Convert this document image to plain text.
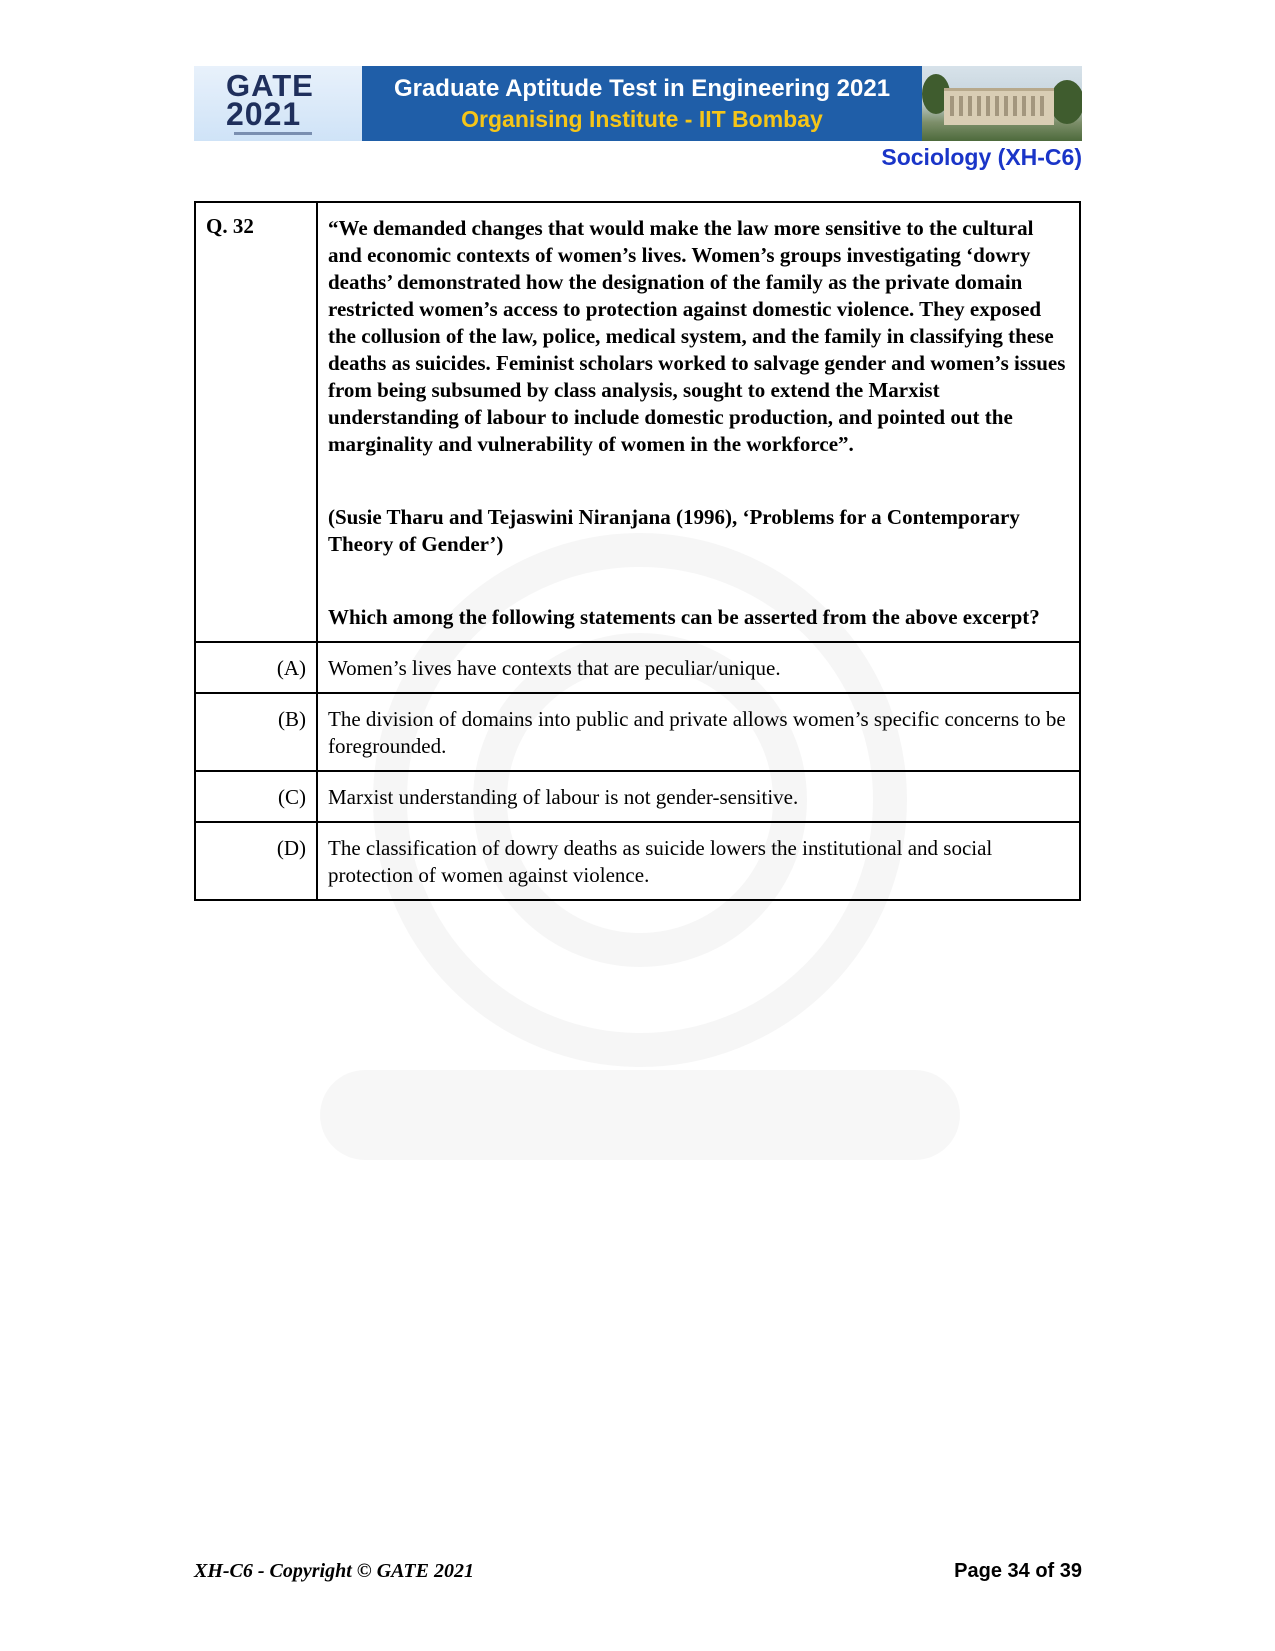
GATE
2021
Graduate Aptitude Test in Engineering 2021
Organising Institute - IIT Bombay
Sociology (XH-C6)
Q. 32	“We demanded changes that would make the law more sensitive to the cultural and economic contexts of women’s lives. Women’s groups investigating ‘dowry deaths’ demonstrated how the designation of the family as the private domain restricted women’s access to protection against domestic violence. They exposed the collusion of the law, police, medical system, and the family in classifying these deaths as suicides. Feminist scholars worked to salvage gender and women’s issues from being subsumed by class analysis, sought to extend the Marxist understanding of labour to include domestic production, and pointed out the marginality and vulnerability of women in the workforce”.

(Susie Tharu and Tejaswini Niranjana (1996), ‘Problems for a Contemporary Theory of Gender’)

Which among the following statements can be asserted from the above excerpt?

(A)	Women’s lives have contexts that are peculiar/unique.
(B)	The division of domains into public and private allows women’s specific concerns to be foregrounded.
(C)	Marxist understanding of labour is not gender-sensitive.
(D)	The classification of dowry deaths as suicide lowers the institutional and social protection of women against violence.
XH-C6 - Copyright © GATE 2021	Page 34 of 39
